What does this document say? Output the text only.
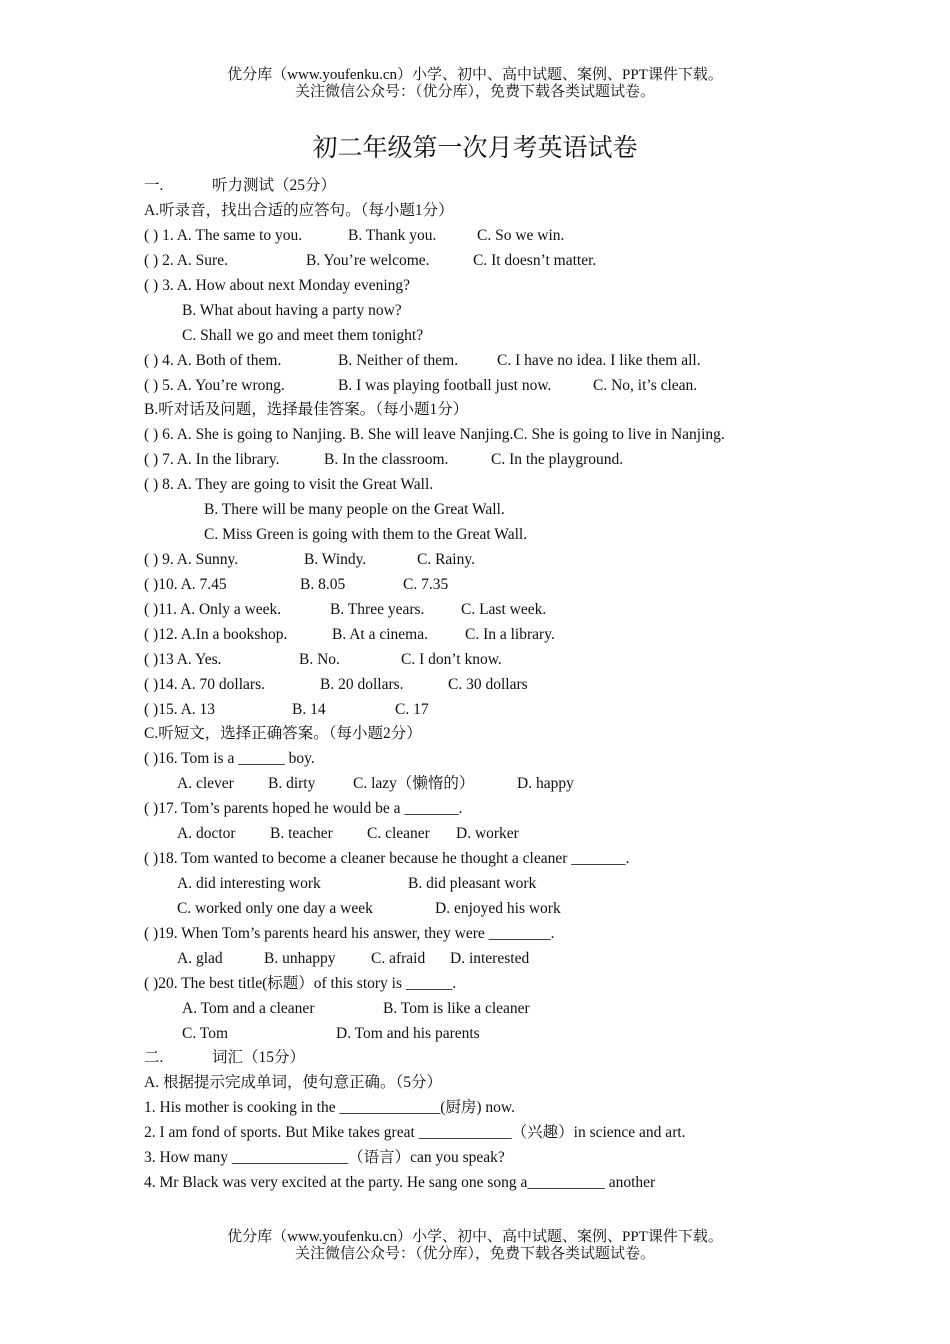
优分库（www.youfenku.cn）小学、初中、高中试题、案例、PPT课件下载。
关注微信公众号：（优分库），免费下载各类试题试卷。
初二年级第一次月考英语试卷
一.	听力测试（25分）
A.听录音，找出合适的应答句。（每小题1分）
( ) 1. A. The same to you.	B. Thank you.	C. So we win.
( ) 2. A. Sure.	B. You’re welcome.	C. It doesn’t matter.
( ) 3. A. How about next Monday evening?
B. What about having a party now?
C. Shall we go and meet them tonight?
( ) 4. A. Both of them.	B. Neither of them.	C. I have no idea. I like them all.
( ) 5. A. You’re wrong.	B. I was playing football just now.	C. No, it’s clean.
B.听对话及问题，选择最佳答案。（每小题1分）
( ) 6. A. She is going to Nanjing. B. She will leave Nanjing.C. She is going to live in Nanjing.
( ) 7. A. In the library.	B. In the classroom.	C. In the playground.
( ) 8. A. They are going to visit the Great Wall.
B. There will be many people on the Great Wall.
C. Miss Green is going with them to the Great Wall.
( ) 9. A. Sunny.	B. Windy.	C. Rainy.
( )10. A. 7.45	B. 8.05	C. 7.35
( )11. A. Only a week.	B. Three years. C. Last week.
( )12. A.In a bookshop.	B. At a cinema. C. In a library.
( )13 A. Yes.	B. No.	C. I don’t know.
( )14. A. 70 dollars.	B. 20 dollars.	C. 30 dollars
( )15. A. 13	B. 14	C. 17
C.听短文，选择正确答案。（每小题2分）
( )16. Tom is a ______ boy.
A. clever B. dirty C. lazy（懒惰的）	D. happy
( )17. Tom’s parents hoped he would be a _______.
A. doctor B. teacher C. cleaner D. worker
( )18. Tom wanted to become a cleaner because he thought a cleaner _______.
A. did interesting work	B. did pleasant work
C. worked only one day a week	D. enjoyed his work
( )19. When Tom’s parents heard his answer, they were ________.
A. glad	B. unhappy C. afraid D. interested
( )20. The best title(标题）of this story is ______.
A. Tom and a cleaner	B. Tom is like a cleaner
C. Tom	D. Tom and his parents
二.	词汇（15分）
A. 根据提示完成单词，使句意正确。（5分）
1. His mother is cooking in the _____________(厨房) now.
2. I am fond of sports. But Mike takes great ____________（兴趣）in science and art.
3. How many _______________（语言）can you speak?
4. Mr Black was very excited at the party. He sang one song a__________ another
优分库（www.youfenku.cn）小学、初中、高中试题、案例、PPT课件下载。
关注微信公众号：（优分库），免费下载各类试题试卷。
